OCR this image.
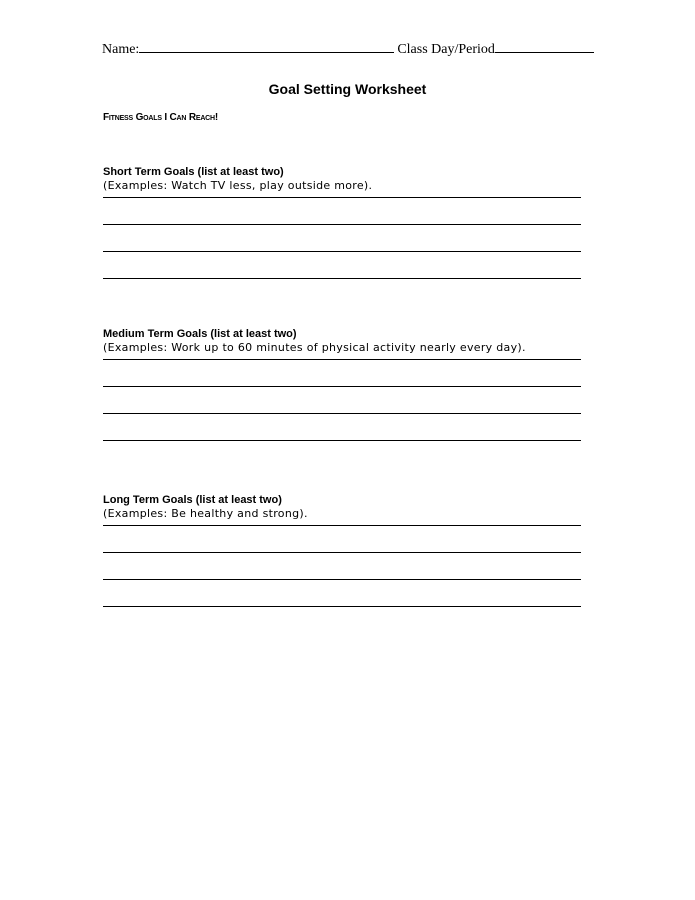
Name:	Class Day/Period
Goal Setting Worksheet
Fitness Goals I Can Reach!
Short Term Goals (list at least two)
(Examples: Watch TV less, play outside more).
Medium Term Goals (list at least two)
(Examples: Work up to 60 minutes of physical activity nearly every day).
Long Term Goals (list at least two)
(Examples: Be healthy and strong).
